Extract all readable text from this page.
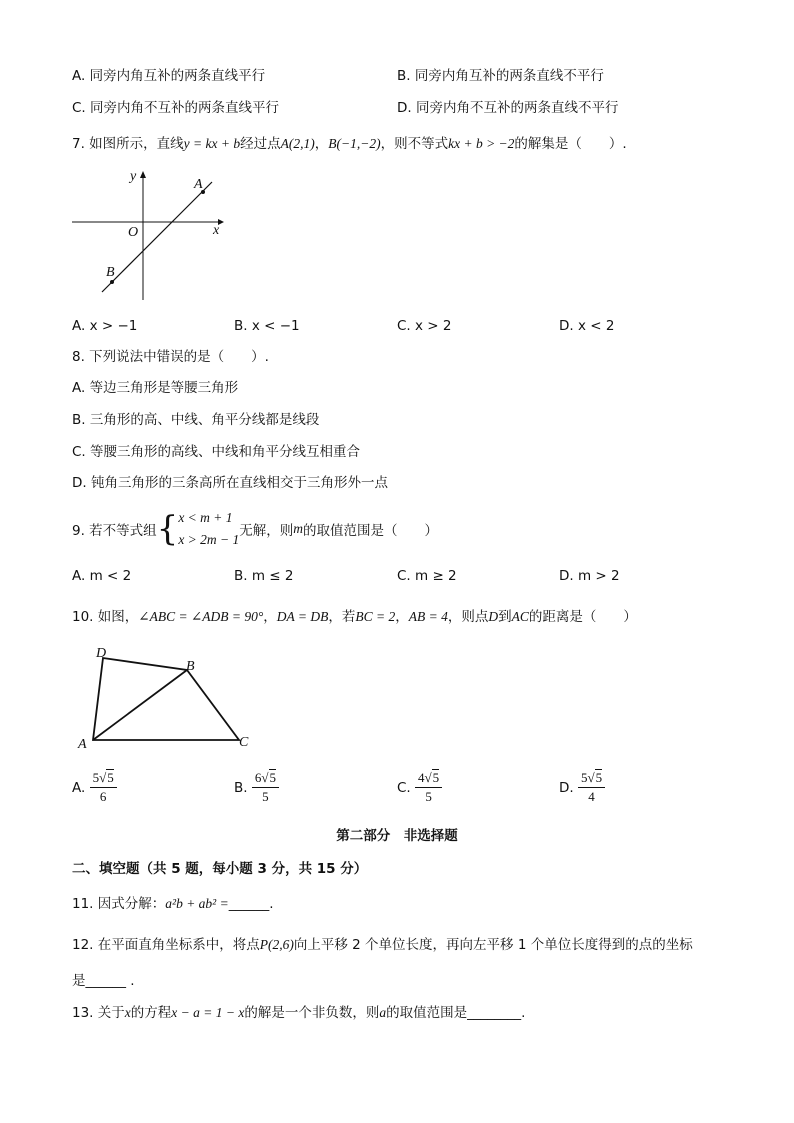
A. 同旁内角互补的两条直线平行	B. 同旁内角互补的两条直线不平行
C. 同旁内角不互补的两条直线平行	D. 同旁内角不互补的两条直线不平行
7. 如图所示，直线y = kx + b经过点A(2,1)，B(−1,−2)，则不等式kx + b > −2的解集是（　　）.
y
x
O
A
B
A. x > −1	B. x < −1	C. x > 2	D. x < 2
8. 下列说法中错误的是（　　）.
A. 等边三角形是等腰三角形
B. 三角形的高、中线、角平分线都是线段
C. 等腰三角形的高线、中线和角平分线互相重合
D. 钝角三角形的三条高所在直线相交于三角形外一点
9. 若不等式组 { x < m + 1
x > 2m − 1
无解，则 m 的取值范围是（　　）
A. m < 2	B. m ≤ 2	C. m ≥ 2	D. m > 2
10. 如图，∠ABC = ∠ADB = 90°，DA = DB，若BC = 2，AB = 4，则点D到AC的距离是（　　）
D
B
A	C
A.
$\frac{5√5}{6}$	B.
$\frac{6√5}{5}$	C.
$\frac{4√5}{5}$	D.
$\frac{5√5}{4}$
第二部分　非选择题
二、填空题（共 5 题，每小题 3 分，共 15 分）
11. 因式分解：a²b + ab² =______.
12. 在平面直角坐标系中，将点P(2,6)向上平移 2 个单位长度，再向左平移 1 个单位长度得到的点的坐标
是______ .
13. 关于x的方程x − a = 1 − x的解是一个非负数，则a的取值范围是________.
